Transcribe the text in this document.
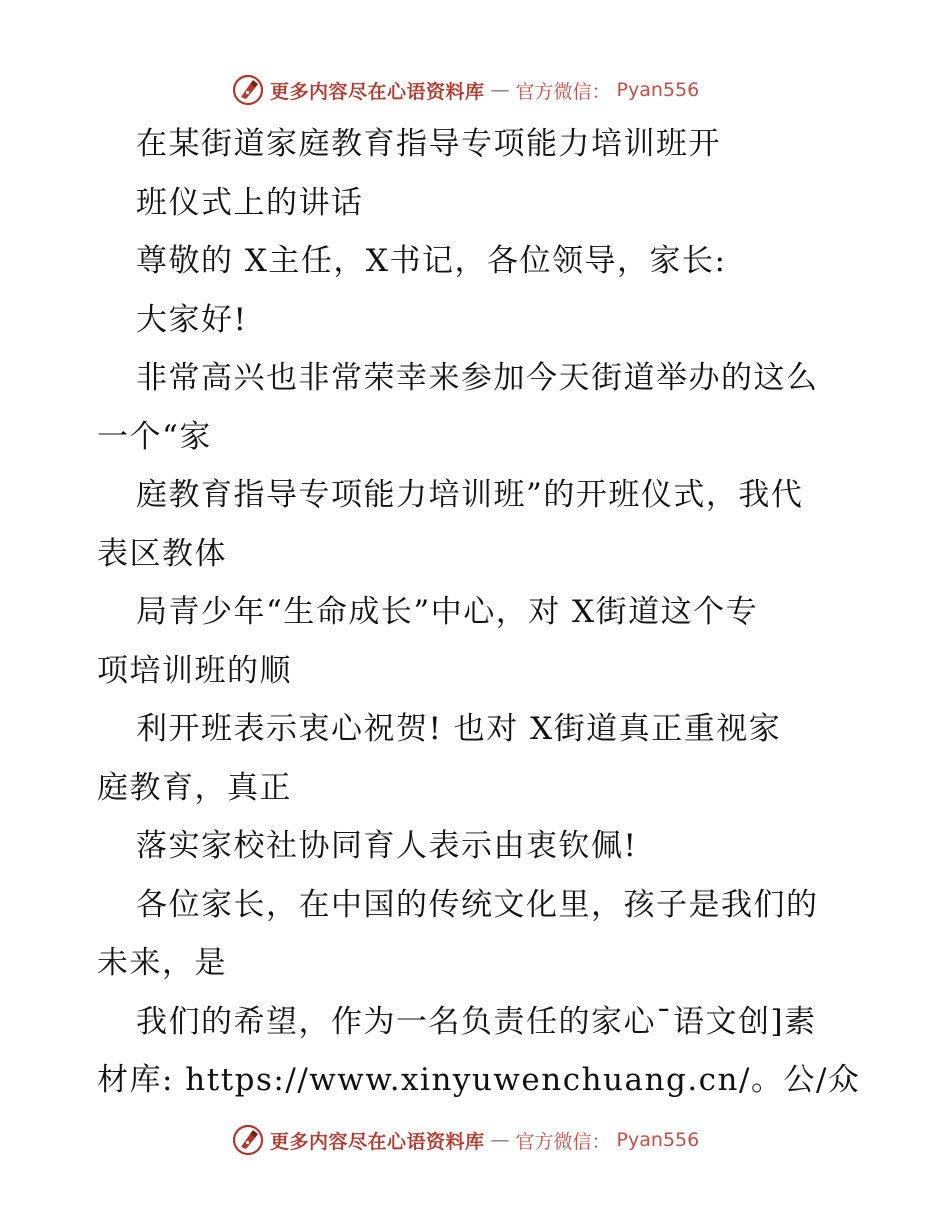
更多内容尽在心语资料库 — 官方微信： Pyan556
在某街道家庭教育指导专项能力培训班开
班仪式上的讲话
尊敬的 X主任，X书记，各位领导，家长:
大家好!
非常高兴也非常荣幸来参加今天街道举办的这么
一个“家
庭教育指导专项能力培训班”的开班仪式，我代
表区教体
局青少年“生命成长”中心，对 X街道这个专
项培训班的顺
利开班表示衷心祝贺! 也对 X街道真正重视家
庭教育，真正
落实家校社协同育人表示由衷钦佩!
各位家长，在中国的传统文化里，孩子是我们的
未来，是
我们的希望，作为一名负责任的家心¯语文创]素
材库: https://www.xinyuwenchuang.cn/。公/众
更多内容尽在心语资料库 — 官方微信： Pyan556
